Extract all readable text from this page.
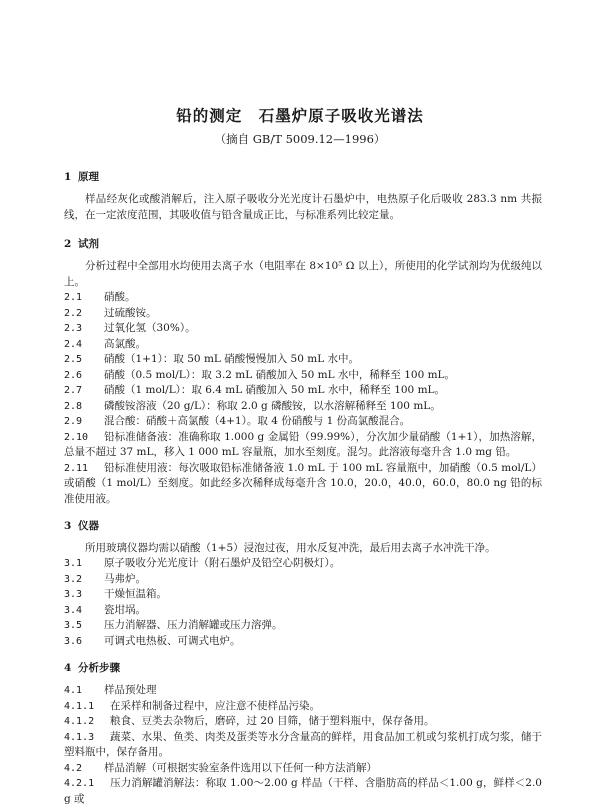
铅的测定　石墨炉原子吸收光谱法
（摘自 GB/T 5009.12—1996）
1 原理
样品经灰化或酸消解后，注入原子吸收分光光度计石墨炉中，电热原子化后吸收 283.3 nm 共振线，在一定浓度范围，其吸收值与铅含量成正比，与标准系列比较定量。
2 试剂
分析过程中全部用水均使用去离子水（电阻率在 8×10⁵ Ω 以上），所使用的化学试剂均为优级纯以上。
2.1 硝酸。
2.2 过硫酸铵。
2.3 过氧化氢（30%）。
2.4 高氯酸。
2.5 硝酸（1+1）：取 50 mL 硝酸慢慢加入 50 mL 水中。
2.6 硝酸（0.5 mol/L）：取 3.2 mL 硝酸加入 50 mL 水中，稀释至 100 mL。
2.7 硝酸（1 mol/L）：取 6.4 mL 硝酸加入 50 mL 水中，稀释至 100 mL。
2.8 磷酸铵溶液（20 g/L）：称取 2.0 g 磷酸铵，以水溶解稀释至 100 mL。
2.9 混合酸：硝酸＋高氯酸（4+1）。取 4 份硝酸与 1 份高氯酸混合。
2.10 铅标准储备液：准确称取 1.000 g 金属铅（99.99%），分次加少量硝酸（1+1），加热溶解，总量不超过 37 mL，移入 1 000 mL 容量瓶，加水至刻度。混匀。此溶液每毫升含 1.0 mg 铅。
2.11 铅标准使用液：每次吸取铅标准储备液 1.0 mL 于 100 mL 容量瓶中，加硝酸（0.5 mol/L）或硝酸（1 mol/L）至刻度。如此经多次稀释成每毫升含 10.0，20.0，40.0，60.0，80.0 ng 铅的标准使用液。
3 仪器
所用玻璃仪器均需以硝酸（1+5）浸泡过夜，用水反复冲洗，最后用去离子水冲洗干净。
3.1 原子吸收分光光度计（附石墨炉及铅空心阴极灯）。
3.2 马弗炉。
3.3 干燥恒温箱。
3.4 瓷坩埚。
3.5 压力消解器、压力消解罐或压力溶弹。
3.6 可调式电热板、可调式电炉。
4 分析步骤
4.1 样品预处理
4.1.1 在采样和制备过程中，应注意不使样品污染。
4.1.2 粮食、豆类去杂物后，磨碎，过 20 目筛，储于塑料瓶中，保存备用。
4.1.3 蔬菜、水果、鱼类、肉类及蛋类等水分含量高的鲜样，用食品加工机或匀浆机打成匀浆，储于塑料瓶中，保存备用。
4.2 样品消解（可根据实验室条件选用以下任何一种方法消解）
4.2.1 压力消解罐消解法：称取 1.00～2.00 g 样品（干样、含脂肪高的样品＜1.00 g，鲜样＜2.0 g 或
